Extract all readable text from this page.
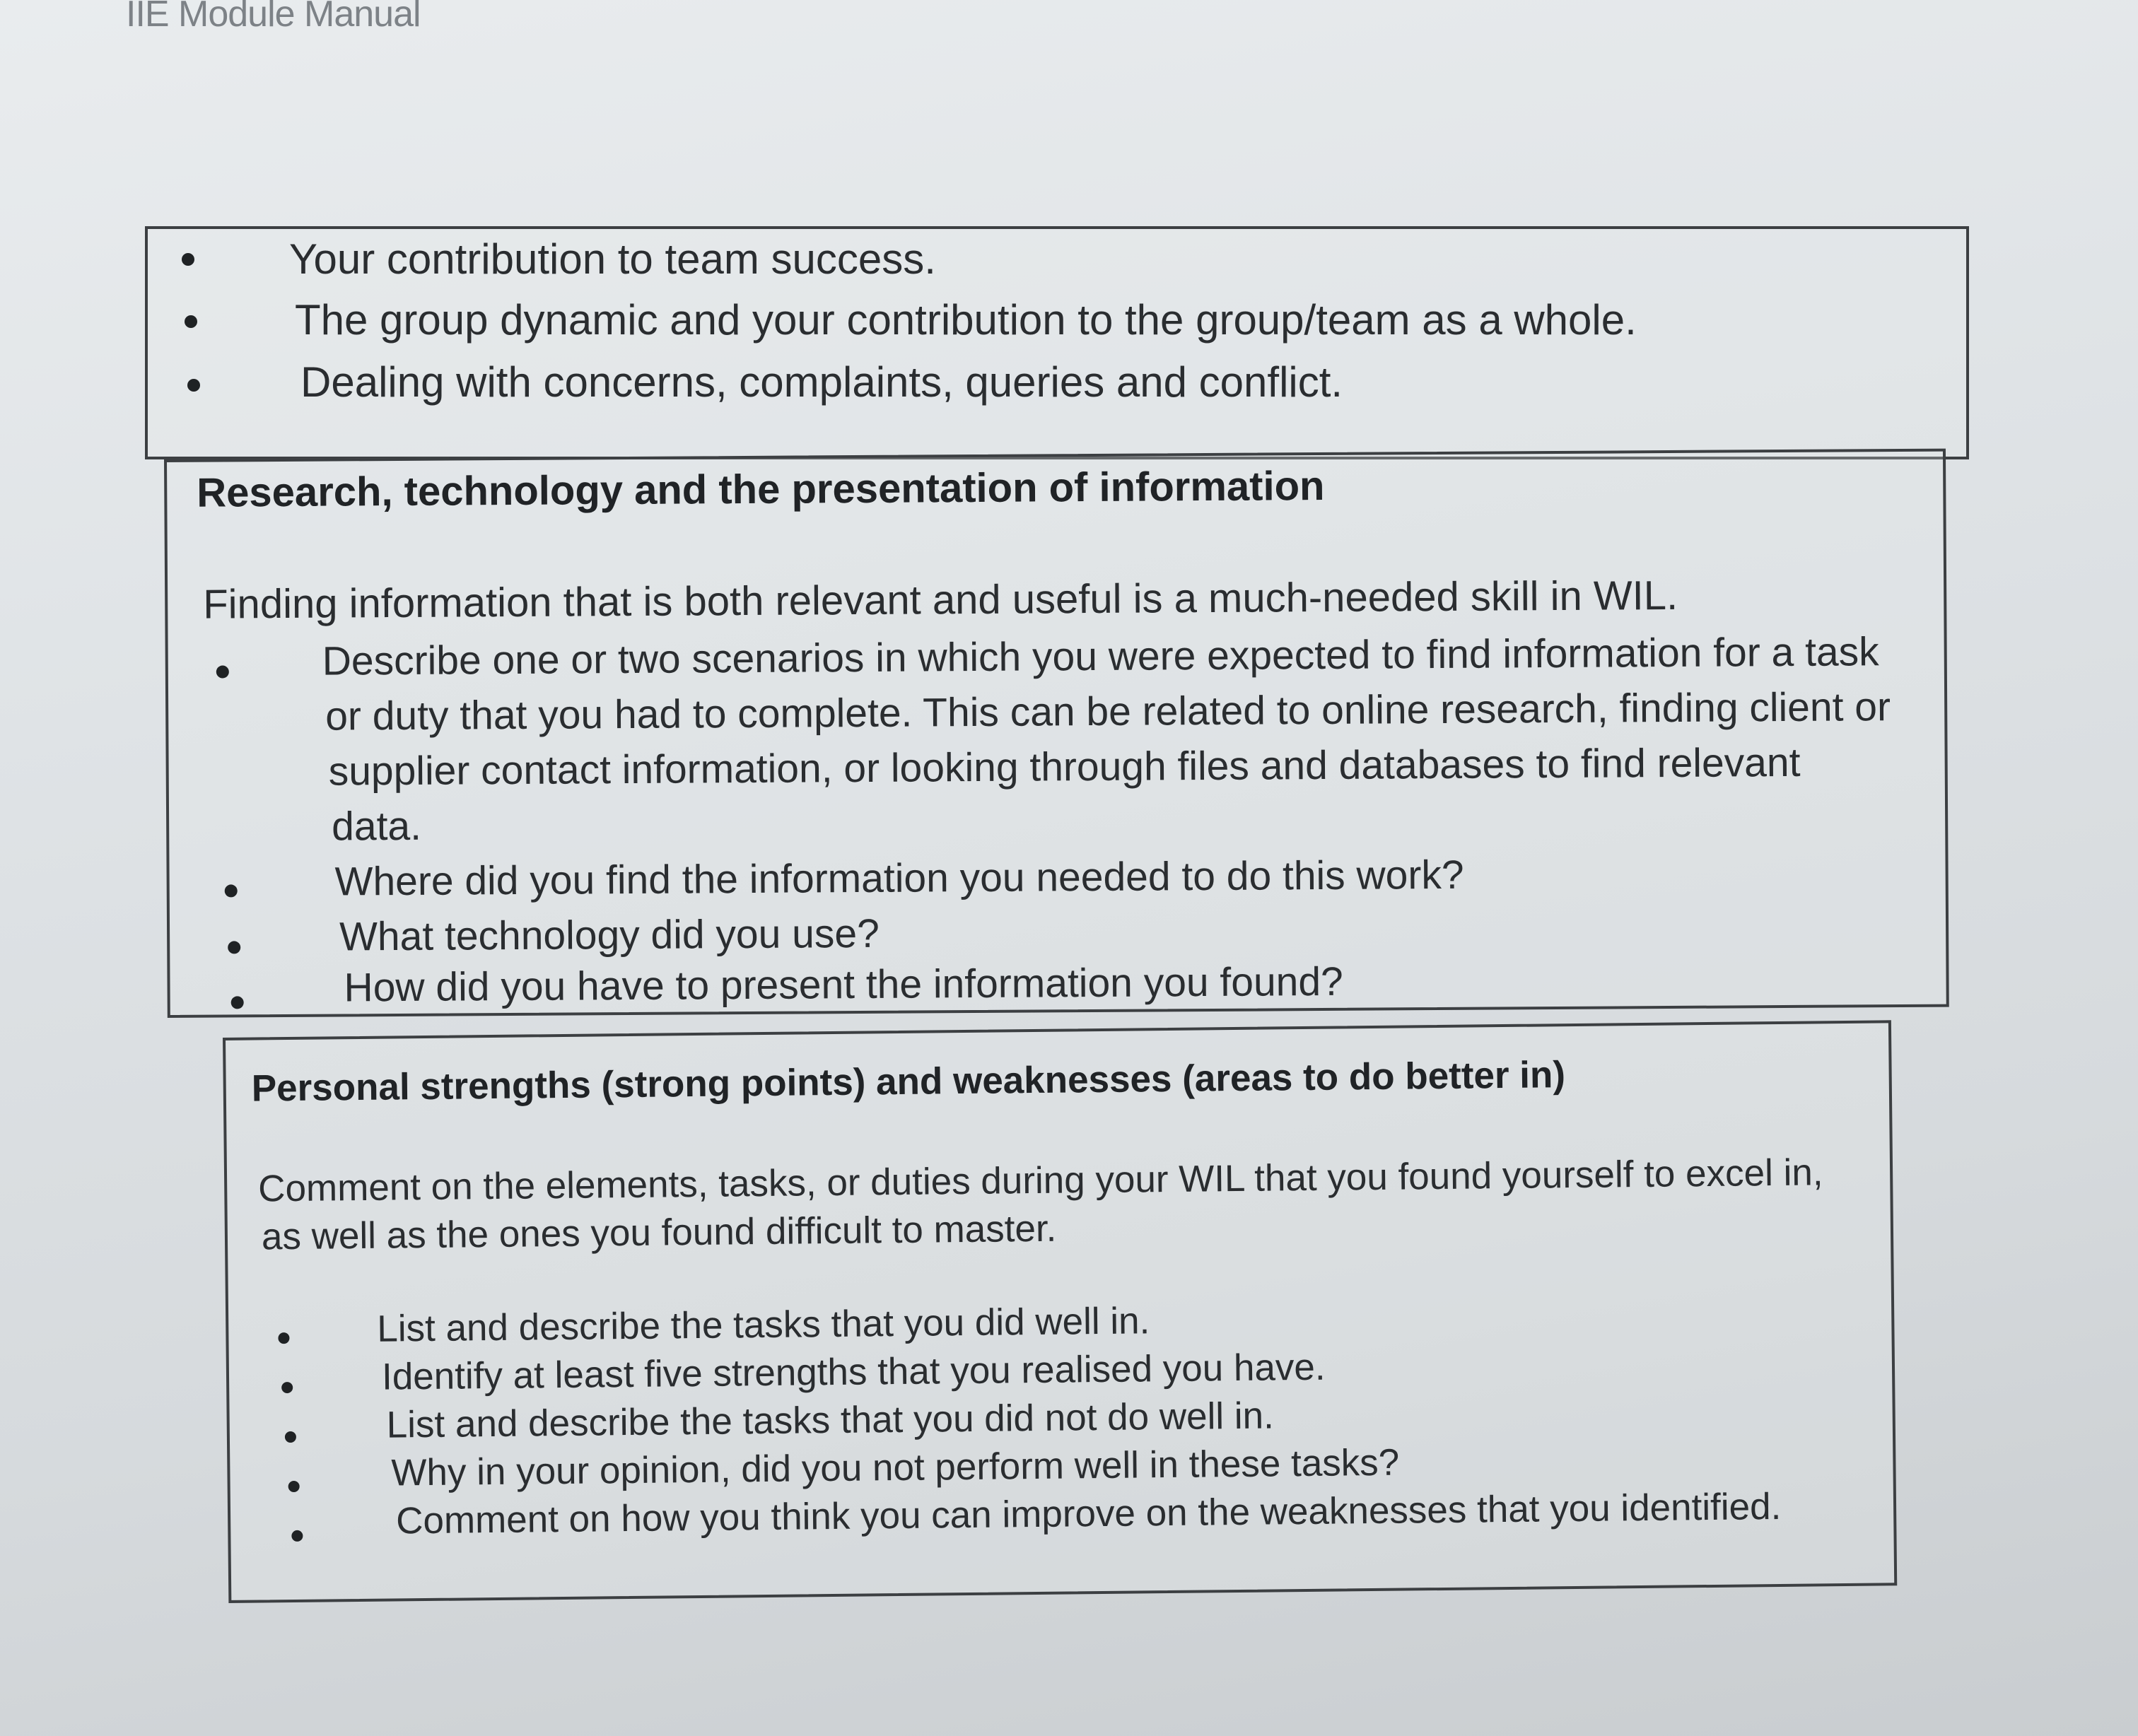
IIE Module Manual
Your contribution to team success.
The group dynamic and your contribution to the group/team as a whole.
Dealing with concerns, complaints, queries and conflict.
Research, technology and the presentation of information
Finding information that is both relevant and useful is a much-needed skill in WIL.
Describe one or two scenarios in which you were expected to find information for a task
or duty that you had to complete. This can be related to online research, finding client or
supplier contact information, or looking through files and databases to find relevant
data.
Where did you find the information you needed to do this work?
What technology did you use?
How did you have to present the information you found?
Personal strengths (strong points) and weaknesses (areas to do better in)
Comment on the elements, tasks, or duties during your WIL that you found yourself to excel in,
as well as the ones you found difficult to master.
List and describe the tasks that you did well in.
Identify at least five strengths that you realised you have.
List and describe the tasks that you did not do well in.
Why in your opinion, did you not perform well in these tasks?
Comment on how you think you can improve on the weaknesses that you identified.
